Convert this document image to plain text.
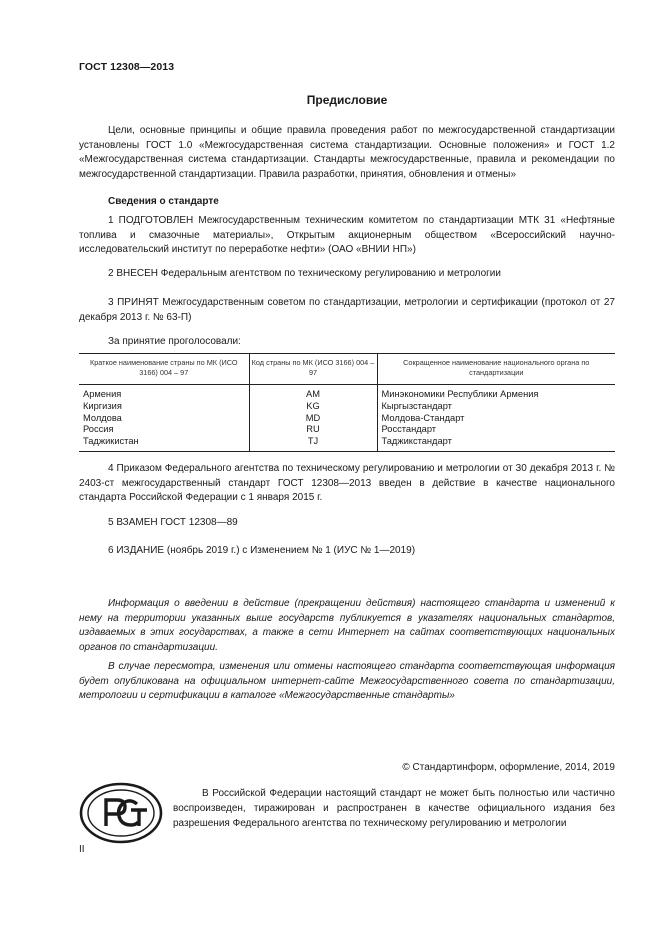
ГОСТ 12308—2013
Предисловие
Цели, основные принципы и общие правила проведения работ по межгосударственной стандартизации установлены ГОСТ 1.0 «Межгосударственная система стандартизации. Основные положения» и ГОСТ 1.2 «Межгосударственная система стандартизации. Стандарты межгосударственные, правила и рекомендации по межгосударственной стандартизации. Правила разработки, принятия, обновления и отмены»
Сведения о стандарте
1 ПОДГОТОВЛЕН Межгосударственным техническим комитетом по стандартизации МТК 31 «Нефтяные топлива и смазочные материалы», Открытым акционерным обществом «Всероссийский научно-исследовательский институт по переработке нефти» (ОАО «ВНИИ НП»)
2 ВНЕСЕН Федеральным агентством по техническому регулированию и метрологии
3 ПРИНЯТ Межгосударственным советом по стандартизации, метрологии и сертификации (протокол от 27 декабря 2013 г. № 63-П)
За принятие проголосовали:
Краткое наименование страны по МК (ИСО 3166) 004 – 97	Код страны по МК (ИСО 3166) 004 – 97	Сокращенное наименование национального органа по стандартизации
Армения	AM	Минэкономики Республики Армения
Киргизия	KG	Кыргызстандарт
Молдова	MD	Молдова-Стандарт
Россия	RU	Росстандарт
Таджикистан	TJ	Таджикстандарт
4 Приказом Федерального агентства по техническому регулированию и метрологии от 30 декабря 2013 г. № 2403-ст межгосударственный стандарт ГОСТ 12308—2013 введен в действие в качестве национального стандарта Российской Федерации с 1 января 2015 г.
5 ВЗАМЕН ГОСТ 12308—89
6 ИЗДАНИЕ (ноябрь 2019 г.) с Изменением № 1 (ИУС № 1—2019)
Информация о введении в действие (прекращении действия) настоящего стандарта и изменений к нему на территории указанных выше государств публикуется в указателях национальных стандартов, издаваемых в этих государствах, а также в сети Интернет на сайтах соответствующих национальных органов по стандартизации.
В случае пересмотра, изменения или отмены настоящего стандарта соответствующая информация будет опубликована на официальном интернет-сайте Межгосударственного совета по стандартизации, метрологии и сертификации в каталоге «Межгосударственные стандарты»
© Стандартинформ, оформление, 2014, 2019
В Российской Федерации настоящий стандарт не может быть полностью или частично воспроизведен, тиражирован и распространен в качестве официального издания без разрешения Федерального агентства по техническому регулированию и метрологии
II
